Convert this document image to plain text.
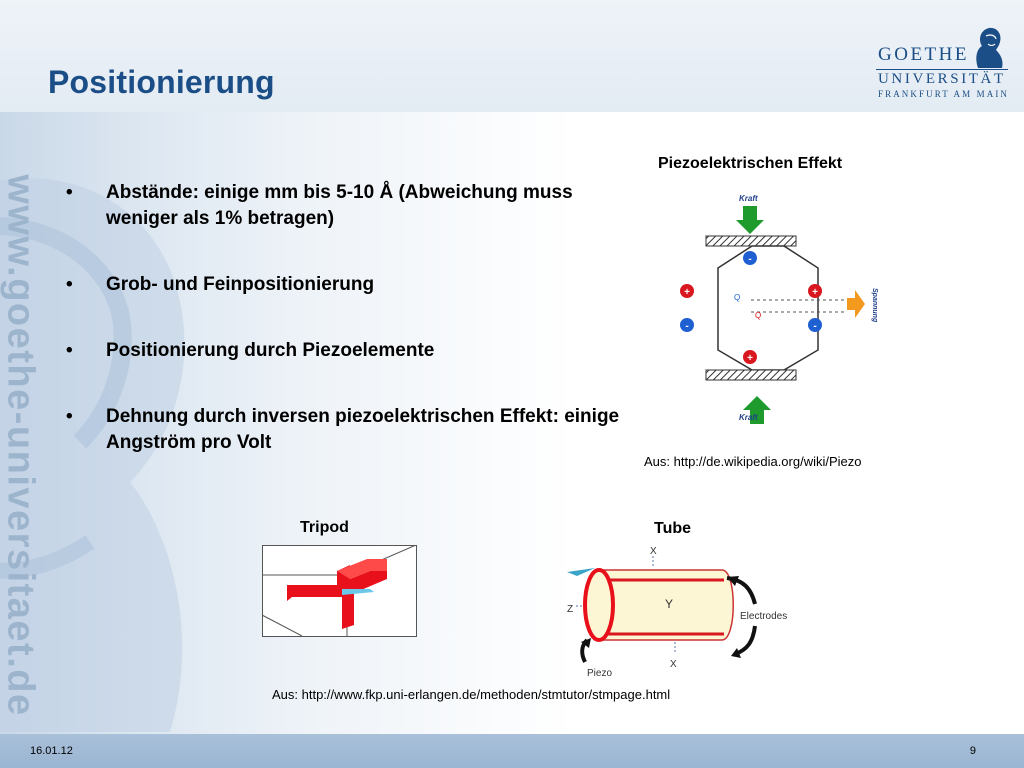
www.goethe-universitaet.de
Positionierung
GOETHE
UNIVERSITÄT
FRANKFURT AM MAIN
• Abstände: einige mm bis 5-10 Å (Abweichung muss weniger als 1% betragen)
• Grob- und Feinpositionierung
• Positionierung durch Piezoelemente
• Dehnung durch inversen piezoelektrischen Effekt: einige Angström pro Volt
Piezoelektrischen Effekt
Kraft
Kraft
-
+	+
-	-
+
Q
Q	Spannung
Aus: http://de.wikipedia.org/wiki/Piezo
Tripod	Tube
X
Y
Z
X
Electrodes
Piezo
Aus: http://www.fkp.uni-erlangen.de/methoden/stmtutor/stmpage.html
16.01.12	9
